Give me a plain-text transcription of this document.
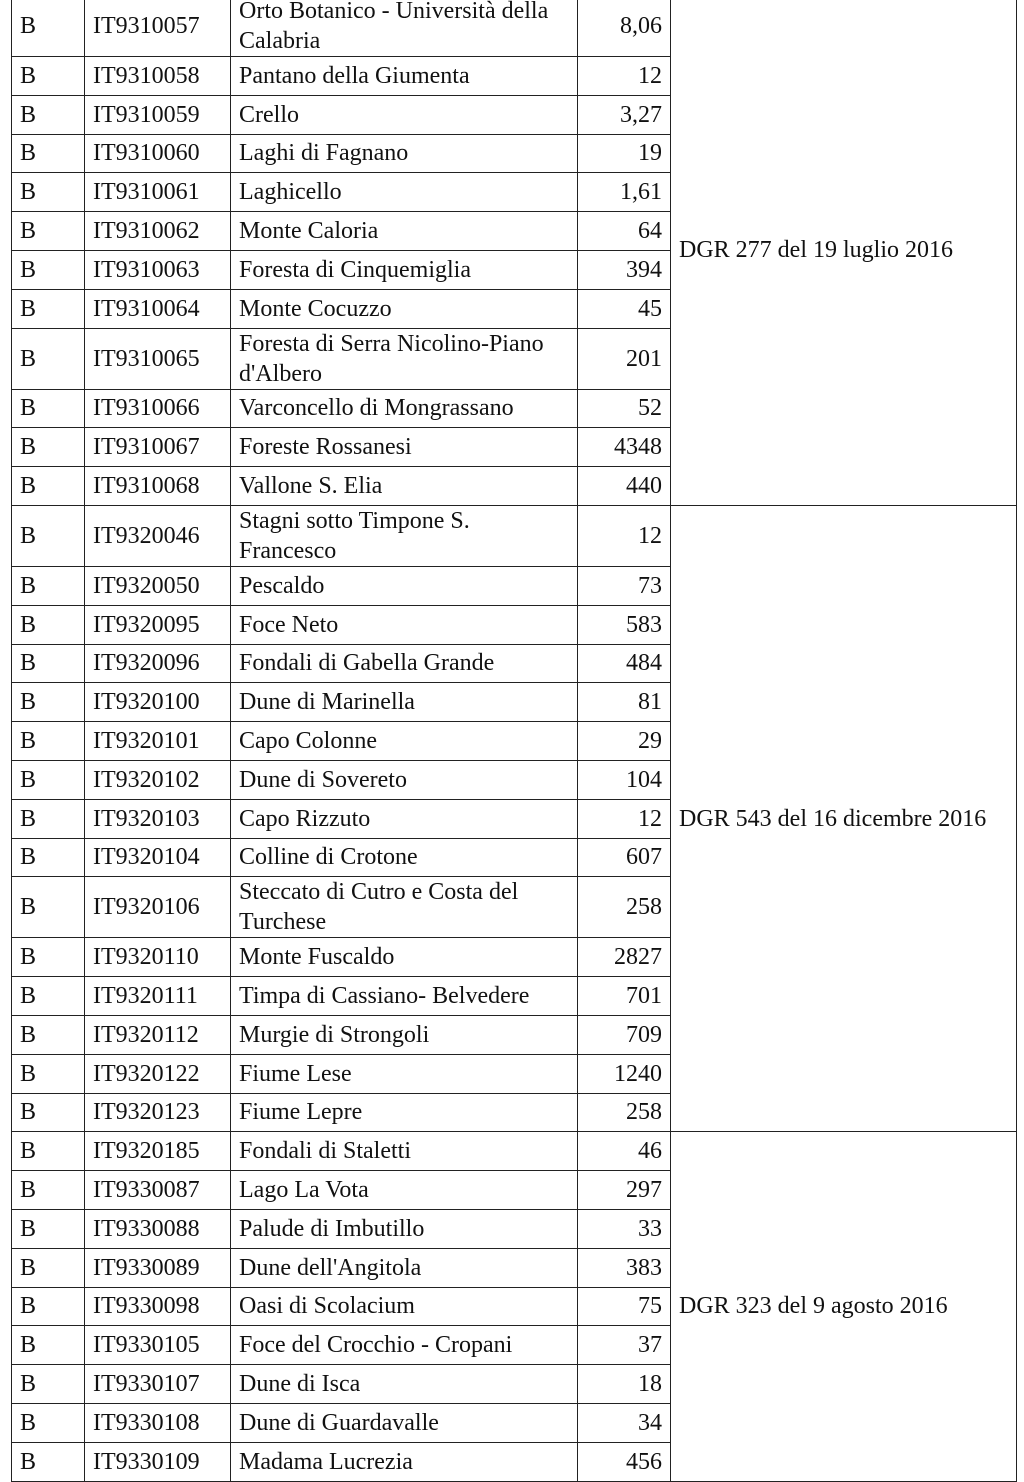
B	IT9310057	Orto Botanico - Università della Calabria	8,06	DGR 277 del 19 luglio 2016
B	IT9310058	Pantano della Giumenta	12	
B	IT9310059	Crello	3,27	
B	IT9310060	Laghi di Fagnano	19	
B	IT9310061	Laghicello	1,61	
B	IT9310062	Monte Caloria	64	
B	IT9310063	Foresta di Cinquemiglia	394	
B	IT9310064	Monte Cocuzzo	45	
B	IT9310065	Foresta di Serra Nicolino-Piano d'Albero	201	
B	IT9310066	Varconcello di Mongrassano	52	
B	IT9310067	Foreste Rossanesi	4348	
B	IT9310068	Vallone S. Elia	440	
B	IT9320046	Stagni sotto Timpone S. Francesco	12	DGR 543 del 16 dicembre 2016
B	IT9320050	Pescaldo	73	
B	IT9320095	Foce Neto	583	
B	IT9320096	Fondali di Gabella Grande	484	
B	IT9320100	Dune di Marinella	81	
B	IT9320101	Capo Colonne	29	
B	IT9320102	Dune di Sovereto	104	
B	IT9320103	Capo Rizzuto	12	
B	IT9320104	Colline di Crotone	607	
B	IT9320106	Steccato di Cutro e Costa del Turchese	258	
B	IT9320110	Monte Fuscaldo	2827	
B	IT9320111	Timpa di Cassiano- Belvedere	701	
B	IT9320112	Murgie di Strongoli	709	
B	IT9320122	Fiume Lese	1240	
B	IT9320123	Fiume Lepre	258	
B	IT9320185	Fondali di Staletti	46	DGR 323 del 9 agosto 2016
B	IT9330087	Lago La Vota	297	
B	IT9330088	Palude di Imbutillo	33	
B	IT9330089	Dune dell'Angitola	383	
B	IT9330098	Oasi di Scolacium	75	
B	IT9330105	Foce del Crocchio - Cropani	37	
B	IT9330107	Dune di Isca	18	
B	IT9330108	Dune di Guardavalle	34	
B	IT9330109	Madama Lucrezia	456	
